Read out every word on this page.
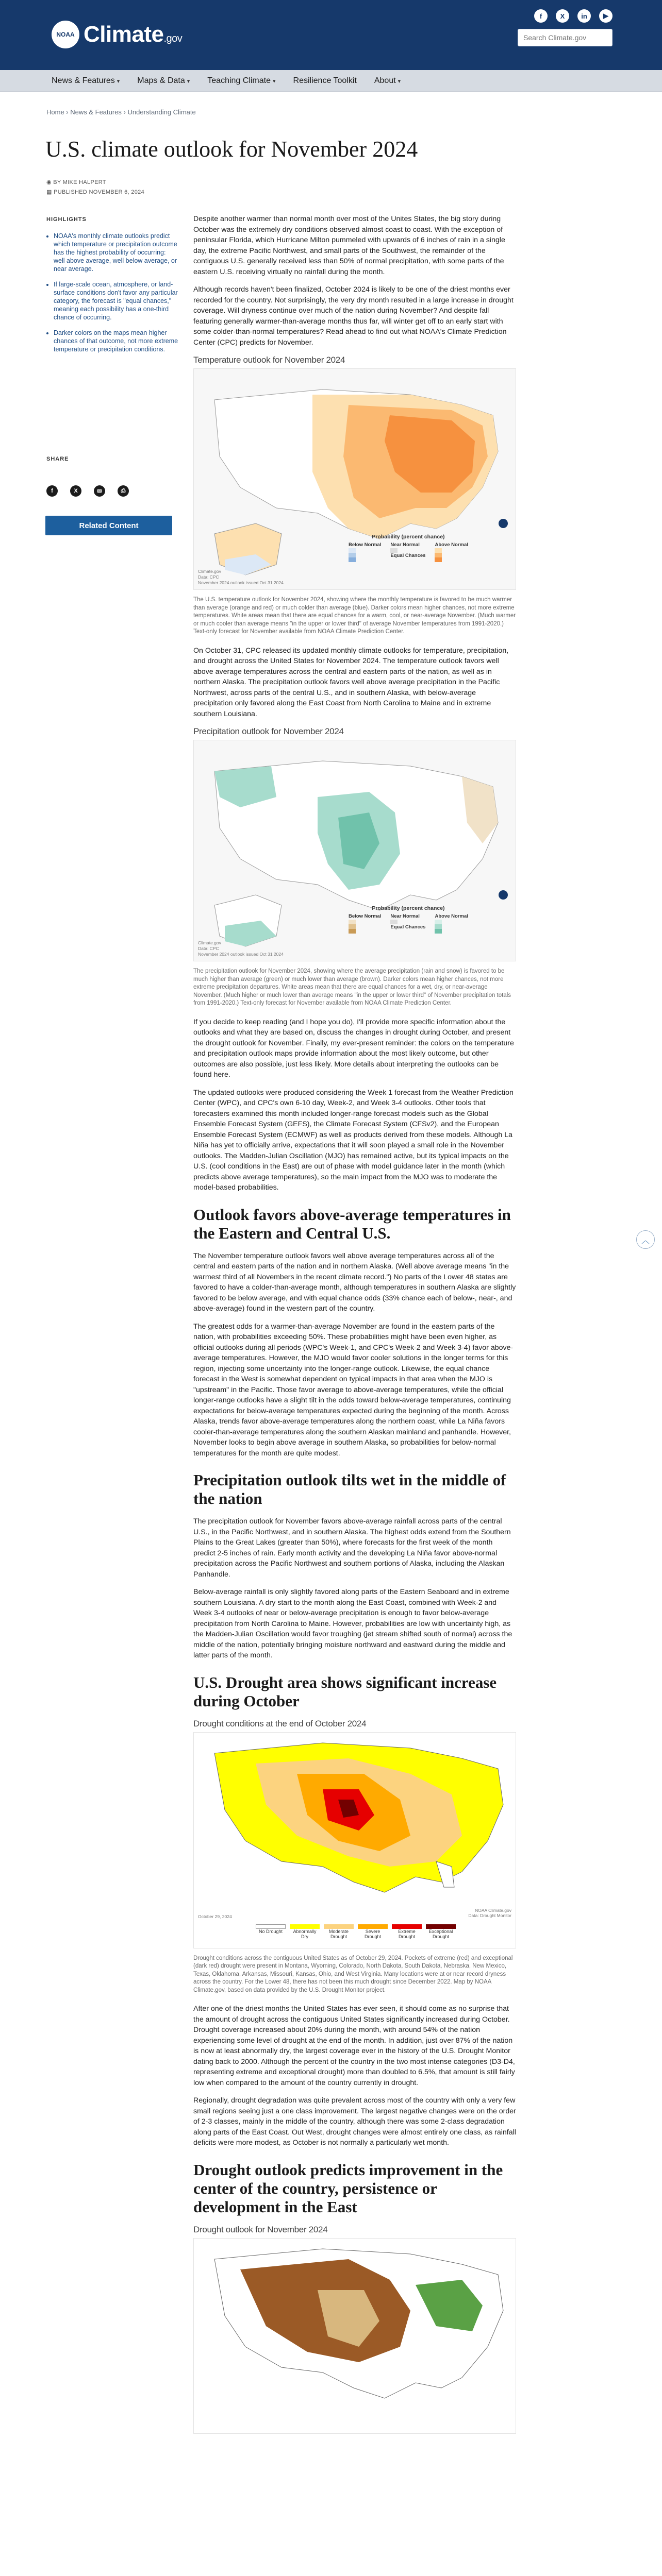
NOAA Climate.gov
f	X	in	▶
Search Climate.gov
News & Features ▾ Maps & Data ▾ Teaching Climate ▾ Resilience Toolkit About ▾
Home › News & Features › Understanding Climate
U.S. climate outlook for November 2024
◉ BY MIKE HALPERT
▦ PUBLISHED NOVEMBER 6, 2024
HIGHLIGHTS
• NOAA's monthly climate outlooks predict which temperature or precipitation outcome has the highest probability of occurring: well above average, well below average, or near average.
• If large-scale ocean, atmosphere, or land-surface conditions don't favor any particular category, the forecast is "equal chances," meaning each possibility has a one-third chance of occurring.
• Darker colors on the maps mean higher chances of that outcome, not more extreme temperature or precipitation conditions.
SHARE
f	X	✉	⎙
Related Content

Despite another warmer than normal month over most of the Unites States, the big story during October was the extremely dry conditions observed almost coast to coast. With the exception of peninsular Florida, which Hurricane Milton pummeled with upwards of 6 inches of rain in a single day, the extreme Pacific Northwest, and small parts of the Southwest, the remainder of the contiguous U.S. generally received less than 50% of normal precipitation, with some parts of the eastern U.S. receiving virtually no rainfall during the month.

Although records haven't been finalized, October 2024 is likely to be one of the driest months ever recorded for the country. Not surprisingly, the very dry month resulted in a large increase in drought coverage. Will dryness continue over much of the nation during November? And despite fall featuring generally warmer-than-average months thus far, will winter get off to an early start with some colder-than-normal temperatures? Read ahead to find out what NOAA's Climate Prediction Center (CPC) predicts for November.

Temperature outlook for November 2024
Climate.gov
Data: CPC
November 2024 outlook issued Oct 31 2024
Probability (percent chance)
Below Normal Near Normal
Equal Chances
Above Normal
The U.S. temperature outlook for November 2024, showing where the monthly temperature is favored to be much warmer than average (orange and red) or much colder than average (blue). Darker colors mean higher chances, not more extreme temperatures. White areas mean that there are equal chances for a warm, cool, or near-average November. (Much warmer or much cooler than average means "in the upper or lower third" of average November temperatures from 1991-2020.) Text-only forecast for November available from NOAA Climate Prediction Center.

On October 31, CPC released its updated monthly climate outlooks for temperature, precipitation, and drought across the United States for November 2024. The temperature outlook favors well above average temperatures across the central and eastern parts of the nation, as well as in northern Alaska. The precipitation outlook favors well above average precipitation in the Pacific Northwest, across parts of the central U.S., and in southern Alaska, with below-average precipitation only favored along the East Coast from North Carolina to Maine and in extreme southern Louisiana.

Precipitation outlook for November 2024
Climate.gov
Data: CPC
November 2024 outlook issued Oct 31 2024
Probability (percent chance)
Below Normal Near Normal
Equal Chances
Above Normal
The precipitation outlook for November 2024, showing where the average precipitation (rain and snow) is favored to be much higher than average (green) or much lower than average (brown). Darker colors mean higher chances, not more extreme precipitation departures. White areas mean that there are equal chances for a wet, dry, or near-average November. (Much higher or much lower than average means "in the upper or lower third" of November precipitation totals from 1991-2020.) Text-only forecast for November available from NOAA Climate Prediction Center.

If you decide to keep reading (and I hope you do), I'll provide more specific information about the outlooks and what they are based on, discuss the changes in drought during October, and present the drought outlook for November. Finally, my ever-present reminder: the colors on the temperature and precipitation outlook maps provide information about the most likely outcome, but other outcomes are also possible, just less likely. More details about interpreting the outlooks can be found here.

The updated outlooks were produced considering the Week 1 forecast from the Weather Prediction Center (WPC), and CPC's own 6-10 day, Week-2, and Week 3-4 outlooks. Other tools that forecasters examined this month included longer-range forecast models such as the Global Ensemble Forecast System (GEFS), the Climate Forecast System (CFSv2), and the European Ensemble Forecast System (ECMWF) as well as products derived from these models. Although La Niña has yet to officially arrive, expectations that it will soon played a small role in the November outlooks. The Madden-Julian Oscillation (MJO) has remained active, but its typical impacts on the U.S. (cool conditions in the East) are out of phase with model guidance later in the month (which predicts above average temperatures), so the main impact from the MJO was to moderate the model-based probabilities.

Outlook favors above-average temperatures in the Eastern and Central U.S.

The November temperature outlook favors well above average temperatures across all of the central and eastern parts of the nation and in northern Alaska. (Well above average means "in the warmest third of all Novembers in the recent climate record.") No parts of the Lower 48 states are favored to have a colder-than-average month, although temperatures in southern Alaska are slightly favored to be below average, and with equal chance odds (33% chance each of below-, near-, and above-average) found in the western part of the country.

The greatest odds for a warmer-than-average November are found in the eastern parts of the nation, with probabilities exceeding 50%. These probabilities might have been even higher, as official outlooks during all periods (WPC's Week-1, and CPC's Week-2 and Week 3-4) favor above-average temperatures. However, the MJO would favor cooler solutions in the longer terms for this region, injecting some uncertainty into the longer-range outlook. Likewise, the equal chance forecast in the West is somewhat dependent on typical impacts in that area when the MJO is "upstream" in the Pacific. Those favor average to above-average temperatures, while the official longer-range outlooks have a slight tilt in the odds toward below-average temperatures, continuing expectations for below-average temperatures expected during the beginning of the month. Across Alaska, trends favor above-average temperatures along the northern coast, while La Niña favors cooler-than-average temperatures along the southern Alaskan mainland and panhandle. However, November looks to begin above average in southern Alaska, so probabilities for below-normal temperatures for the month are quite modest.

Precipitation outlook tilts wet in the middle of the nation

The precipitation outlook for November favors above-average rainfall across parts of the central U.S., in the Pacific Northwest, and in southern Alaska. The highest odds extend from the Southern Plains to the Great Lakes (greater than 50%), where forecasts for the first week of the month predict 2-5 inches of rain. Early month activity and the developing La Niña favor above-normal precipitation across the Pacific Northwest and southern portions of Alaska, including the Alaskan Panhandle.

Below-average rainfall is only slightly favored along parts of the Eastern Seaboard and in extreme southern Louisiana. A dry start to the month along the East Coast, combined with Week-2 and Week 3-4 outlooks of near or below-average precipitation is enough to favor below-average precipitation from North Carolina to Maine. However, probabilities are low with uncertainty high, as the Madden-Julian Oscillation would favor troughing (jet stream shifted south of normal) across the middle of the nation, potentially bringing moisture northward and eastward during the middle and latter parts of the month.

U.S. Drought area shows significant increase during October
Drought conditions at the end of October 2024
October 29, 2024
NOAA Climate.gov
Data: Drought Monitor
No Drought	Abnormally Dry
Moderate Drought
Severe Drought
Extreme Drought
Exceptional Drought
Drought conditions across the contiguous United States as of October 29, 2024. Pockets of extreme (red) and exceptional (dark red) drought were present in Montana, Wyoming, Colorado, North Dakota, South Dakota, Nebraska, New Mexico, Texas, Oklahoma, Arkansas, Missouri, Kansas, Ohio, and West Virginia. Many locations were at or near record dryness across the country. For the Lower 48, there has not been this much drought since December 2022. Map by NOAA Climate.gov, based on data provided by the U.S. Drought Monitor project.

After one of the driest months the United States has ever seen, it should come as no surprise that the amount of drought across the contiguous United States significantly increased during October. Drought coverage increased about 20% during the month, with around 54% of the nation experiencing some level of drought at the end of the month. In addition, just over 87% of the nation is now at least abnormally dry, the largest coverage ever in the history of the U.S. Drought Monitor dating back to 2000. Although the percent of the country in the two most intense categories (D3-D4, representing extreme and exceptional drought) more than doubled to 6.5%, that amount is still fairly low when compared to the amount of the country currently in drought.

Regionally, drought degradation was quite prevalent across most of the country with only a very few small regions seeing just a one class improvement. The largest negative changes were on the order of 2-3 classes, mainly in the middle of the country, although there was some 2-class degradation along parts of the East Coast. Out West, drought changes were almost entirely one class, as rainfall deficits were more modest, as October is not normally a particularly wet month.

Drought outlook predicts improvement in the center of the country, persistence or development in the East
Drought outlook for November 2024
︿
